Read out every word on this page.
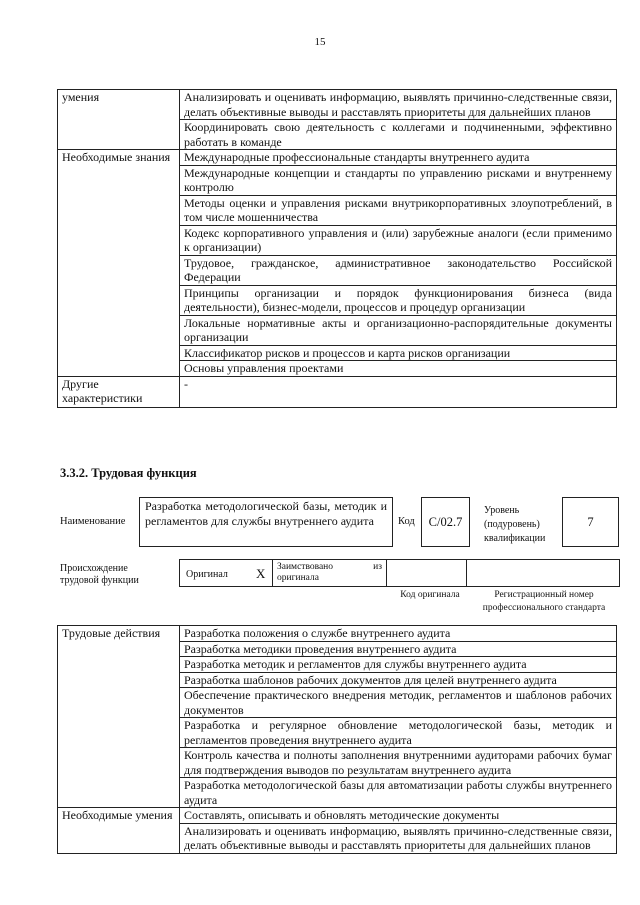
15
умения	Анализировать и оценивать информацию, выявлять причинно-следственные связи, делать объективные выводы и расставлять приоритеты для дальнейших планов
	Координировать свою деятельность с коллегами и подчиненными, эффективно работать в команде
Необходимые знания	Международные профессиональные стандарты внутреннего аудита
	Международные концепции и стандарты по управлению рисками и внутреннему контролю
	Методы оценки и управления рисками внутрикорпоративных злоупотреблений, в том числе мошенничества
	Кодекс корпоративного управления и (или) зарубежные аналоги (если применимо к организации)
	Трудовое, гражданское, административное законодательство Российской Федерации
	Принципы организации и порядок функционирования бизнеса (вида деятельности), бизнес-модели, процессов и процедур организации
	Локальные нормативные акты и организационно-распорядительные документы организации
	Классификатор рисков и процессов и карта рисков организации
	Основы управления проектами
Другие характеристики	-
3.3.2. Трудовая функция
Наименование
Разработка методологической базы, методик и регламентов для службы внутреннего аудита	Код С/02.7
Уровень (подуровень) квалификации
7
Происхождение трудовой функции
Оригинал X	Заимствовано из оригинала
Код оригинала	Регистрационный номер профессионального стандарта
Трудовые действия	Разработка положения о службе внутреннего аудита
	Разработка методики проведения внутреннего аудита
	Разработка методик и регламентов для службы внутреннего аудита
	Разработка шаблонов рабочих документов для целей внутреннего аудита
	Обеспечение практического внедрения методик, регламентов и шаблонов рабочих документов
	Разработка и регулярное обновление методологической базы, методик и регламентов проведения внутреннего аудита
	Контроль качества и полноты заполнения внутренними аудиторами рабочих бумаг для подтверждения выводов по результатам внутреннего аудита
	Разработка методологической базы для автоматизации работы службы внутреннего аудита
Необходимые умения	Составлять, описывать и обновлять методические документы
	Анализировать и оценивать информацию, выявлять причинно-следственные связи, делать объективные выводы и расставлять приоритеты для дальнейших планов
